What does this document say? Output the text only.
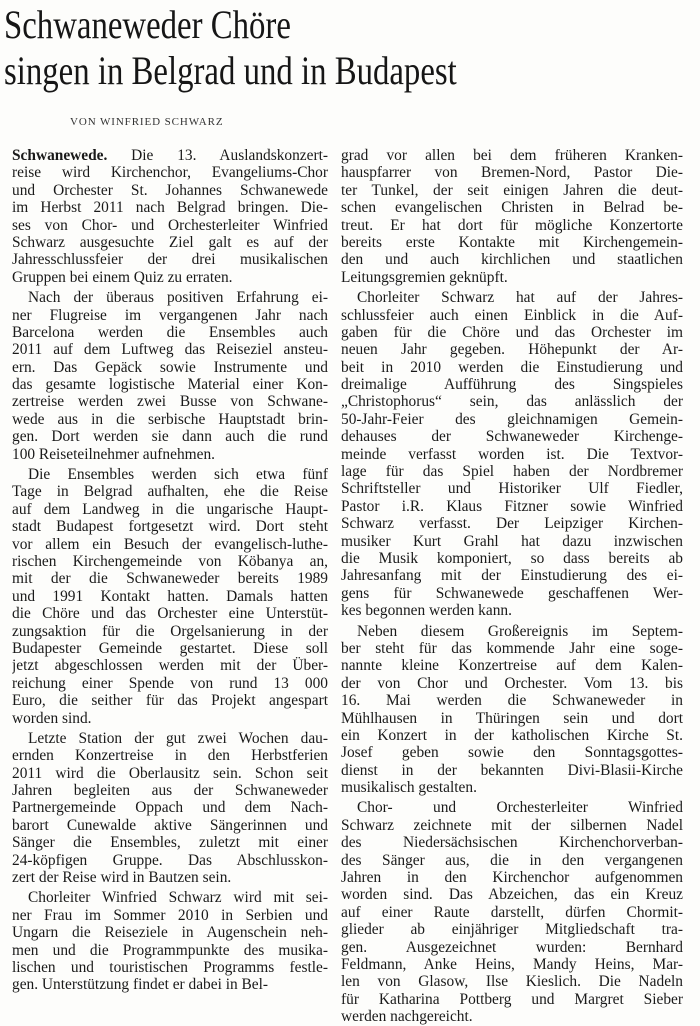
Schwaneweder Chöre
singen in Belgrad und in Budapest
VON WINFRIED SCHWARZ
Schwanewede. Die 13. Auslandskonzert-
reise wird Kirchenchor, Evangeliums-Chor
und Orchester St. Johannes Schwanewede
im Herbst 2011 nach Belgrad bringen. Die-
ses von Chor- und Orchesterleiter Winfried
Schwarz ausgesuchte Ziel galt es auf der
Jahresschlussfeier der drei musikalischen
Gruppen bei einem Quiz zu erraten.
Nach der überaus positiven Erfahrung ei-
ner Flugreise im vergangenen Jahr nach
Barcelona werden die Ensembles auch
2011 auf dem Luftweg das Reiseziel ansteu-
ern. Das Gepäck sowie Instrumente und
das gesamte logistische Material einer Kon-
zertreise werden zwei Busse von Schwane-
wede aus in die serbische Hauptstadt brin-
gen. Dort werden sie dann auch die rund
100 Reiseteilnehmer aufnehmen.
Die Ensembles werden sich etwa fünf
Tage in Belgrad aufhalten, ehe die Reise
auf dem Landweg in die ungarische Haupt-
stadt Budapest fortgesetzt wird. Dort steht
vor allem ein Besuch der evangelisch-luthe-
rischen Kirchengemeinde von Köbanya an,
mit der die Schwaneweder bereits 1989
und 1991 Kontakt hatten. Damals hatten
die Chöre und das Orchester eine Unterstüt-
zungsaktion für die Orgelsanierung in der
Budapester Gemeinde gestartet. Diese soll
jetzt abgeschlossen werden mit der Über-
reichung einer Spende von rund 13 000
Euro, die seither für das Projekt angespart
worden sind.
Letzte Station der gut zwei Wochen dau-
ernden Konzertreise in den Herbstferien
2011 wird die Oberlausitz sein. Schon seit
Jahren begleiten aus der Schwaneweder
Partnergemeinde Oppach und dem Nach-
barort Cunewalde aktive Sängerinnen und
Sänger die Ensembles, zuletzt mit einer
24-köpfigen Gruppe. Das Abschlusskon-
zert der Reise wird in Bautzen sein.
Chorleiter Winfried Schwarz wird mit sei-
ner Frau im Sommer 2010 in Serbien und
Ungarn die Reiseziele in Augenschein neh-
men und die Programmpunkte des musika-
lischen und touristischen Programms festle-
gen. Unterstützung findet er dabei in Bel-
grad vor allen bei dem früheren Kranken-
hauspfarrer von Bremen-Nord, Pastor Die-
ter Tunkel, der seit einigen Jahren die deut-
schen evangelischen Christen in Belrad be-
treut. Er hat dort für mögliche Konzertorte
bereits erste Kontakte mit Kirchengemein-
den und auch kirchlichen und staatlichen
Leitungsgremien geknüpft.
Chorleiter Schwarz hat auf der Jahres-
schlussfeier auch einen Einblick in die Auf-
gaben für die Chöre und das Orchester im
neuen Jahr gegeben. Höhepunkt der Ar-
beit in 2010 werden die Einstudierung und
dreimalige Aufführung des Singspieles
„Christophorus“ sein, das anlässlich der
50-Jahr-Feier des gleichnamigen Gemein-
dehauses der Schwaneweder Kirchenge-
meinde verfasst worden ist. Die Textvor-
lage für das Spiel haben der Nordbremer
Schriftsteller und Historiker Ulf Fiedler,
Pastor i.R. Klaus Fitzner sowie Winfried
Schwarz verfasst. Der Leipziger Kirchen-
musiker Kurt Grahl hat dazu inzwischen
die Musik komponiert, so dass bereits ab
Jahresanfang mit der Einstudierung des ei-
gens für Schwanewede geschaffenen Wer-
kes begonnen werden kann.
Neben diesem Großereignis im Septem-
ber steht für das kommende Jahr eine soge-
nannte kleine Konzertreise auf dem Kalen-
der von Chor und Orchester. Vom 13. bis
16. Mai werden die Schwaneweder in
Mühlhausen in Thüringen sein und dort
ein Konzert in der katholischen Kirche St.
Josef geben sowie den Sonntagsgottes-
dienst in der bekannten Divi-Blasii-Kirche
musikalisch gestalten.
Chor- und Orchesterleiter Winfried
Schwarz zeichnete mit der silbernen Nadel
des Niedersächsischen Kirchenchorverban-
des Sänger aus, die in den vergangenen
Jahren in den Kirchenchor aufgenommen
worden sind. Das Abzeichen, das ein Kreuz
auf einer Raute darstellt, dürfen Chormit-
glieder ab einjähriger Mitgliedschaft tra-
gen. Ausgezeichnet wurden: Bernhard
Feldmann, Anke Heins, Mandy Heins, Mar-
len von Glasow, Ilse Kieslich. Die Nadeln
für Katharina Pottberg und Margret Sieber
werden nachgereicht.
